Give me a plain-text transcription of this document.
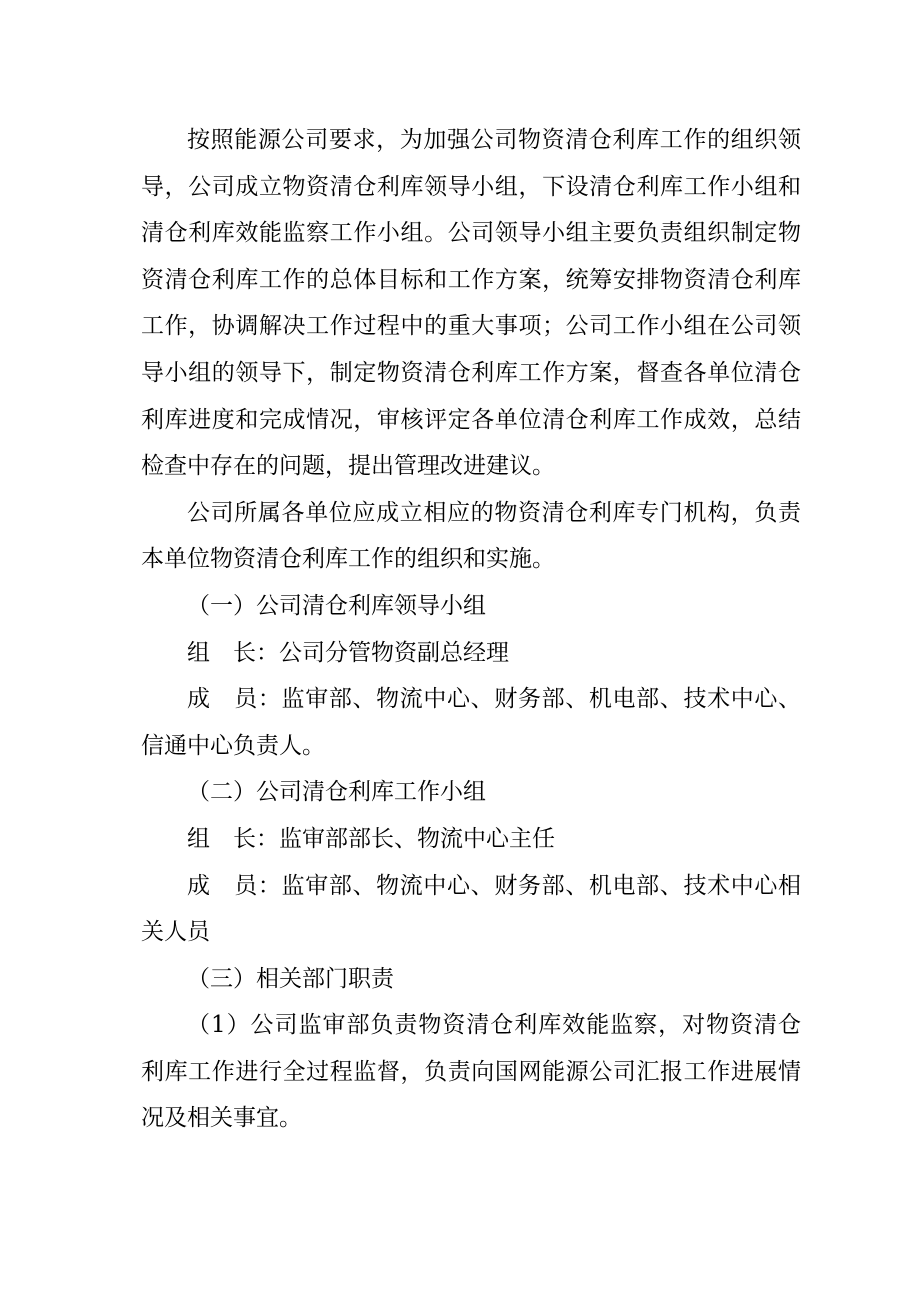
按照能源公司要求，为加强公司物资清仓利库工作的组织领
导，公司成立物资清仓利库领导小组，下设清仓利库工作小组和
清仓利库效能监察工作小组。公司领导小组主要负责组织制定物
资清仓利库工作的总体目标和工作方案，统筹安排物资清仓利库
工作，协调解决工作过程中的重大事项；公司工作小组在公司领
导小组的领导下，制定物资清仓利库工作方案，督查各单位清仓
利库进度和完成情况，审核评定各单位清仓利库工作成效，总结
检查中存在的问题，提出管理改进建议。

公司所属各单位应成立相应的物资清仓利库专门机构，负责
本单位物资清仓利库工作的组织和实施。

（一）公司清仓利库领导小组

组　长：公司分管物资副总经理

成　员：监审部、物流中心、财务部、机电部、技术中心、
信通中心负责人。

（二）公司清仓利库工作小组

组　长：监审部部长、物流中心主任

成　员：监审部、物流中心、财务部、机电部、技术中心相
关人员

（三）相关部门职责

（1）公司监审部负责物资清仓利库效能监察，对物资清仓
利库工作进行全过程监督，负责向国网能源公司汇报工作进展情
况及相关事宜。
